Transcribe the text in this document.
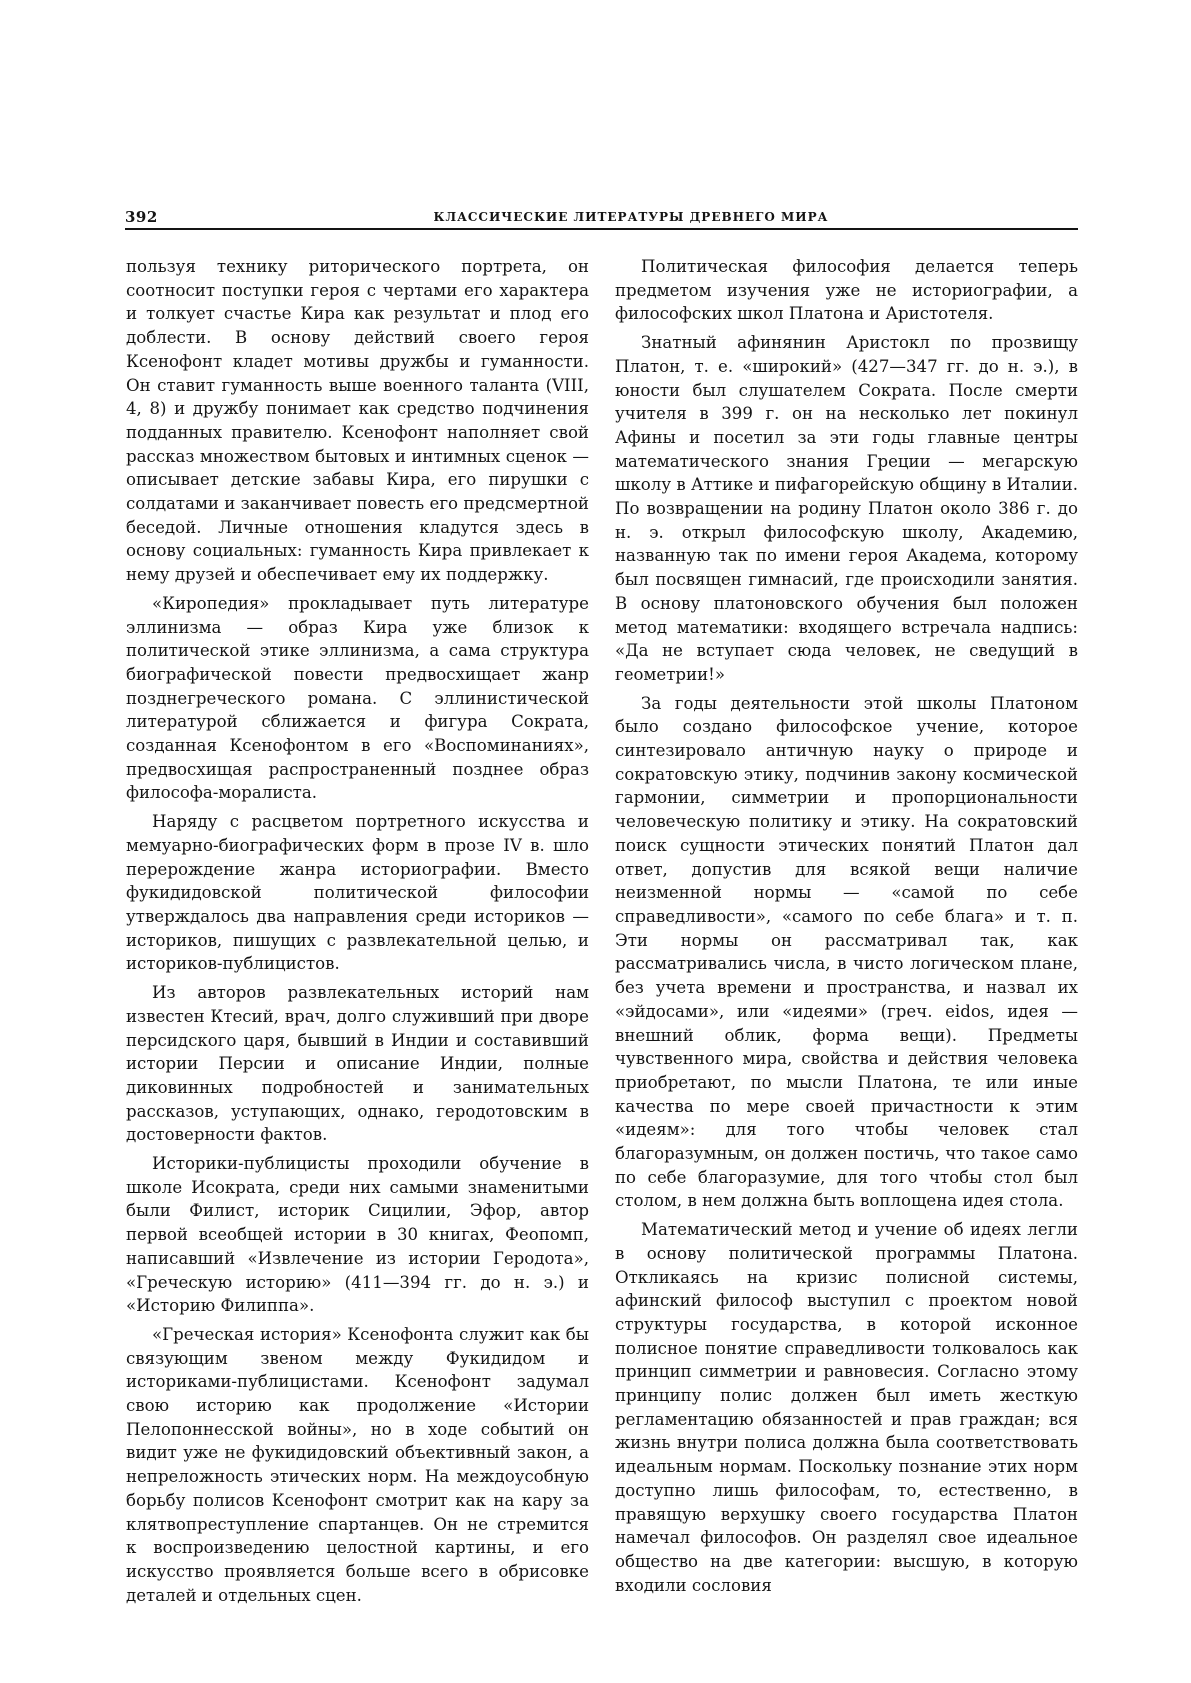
392	КЛАССИЧЕСКИЕ ЛИТЕРАТУРЫ ДРЕВНЕГО МИРА

пользуя технику риторического портрета, он соотносит поступки героя с чертами его характера и толкует счастье Кира как результат и плод его доблести. В основу действий своего героя Ксенофонт кладет мотивы дружбы и гуманности. Он ставит гуманность выше военного таланта (VIII, 4, 8) и дружбу понимает как средство подчинения подданных правителю. Ксенофонт наполняет свой рассказ множеством бытовых и интимных сценок — описывает детские забавы Кира, его пирушки с солдатами и заканчивает повесть его предсмертной беседой. Личные отношения кладутся здесь в основу социальных: гуманность Кира привлекает к нему друзей и обеспечивает ему их поддержку.

«Киропедия» прокладывает путь литературе эллинизма — образ Кира уже близок к политической этике эллинизма, а сама структура биографической повести предвосхищает жанр позднегреческого романа. С эллинистической литературой сближается и фигура Сократа, созданная Ксенофонтом в его «Воспоминаниях», предвосхищая распространенный позднее образ философа-моралиста.

Наряду с расцветом портретного искусства и мемуарно-биографических форм в прозе IV в. шло перерождение жанра историографии. Вместо фукидидовской политической философии утверждалось два направления среди историков — историков, пишущих с развлекательной целью, и историков-публицистов.

Из авторов развлекательных историй нам известен Ктесий, врач, долго служивший при дворе персидского царя, бывший в Индии и составивший истории Персии и описание Индии, полные диковинных подробностей и занимательных рассказов, уступающих, однако, геродотовским в достоверности фактов.

Историки-публицисты проходили обучение в школе Исократа, среди них самыми знаменитыми были Филист, историк Сицилии, Эфор, автор первой всеобщей истории в 30 книгах, Феопомп, написавший «Извлечение из истории Геродота», «Греческую историю» (411—394 гг. до н. э.) и «Историю Филиппа».

«Греческая история» Ксенофонта служит как бы связующим звеном между Фукидидом и историками-публицистами. Ксенофонт задумал свою историю как продолжение «Истории Пелопоннесской войны», но в ходе событий он видит уже не фукидидовский объективный закон, а непреложность этических норм. На междоусобную борьбу полисов Ксенофонт смотрит как на кару за клятвопреступление спартанцев. Он не стремится к воспроизведению целостной картины, и его искусство проявляется больше всего в обрисовке деталей и отдельных сцен.

Политическая философия делается теперь предметом изучения уже не историографии, а философских школ Платона и Аристотеля.

Знатный афинянин Аристокл по прозвищу Платон, т. е. «широкий» (427—347 гг. до н. э.), в юности был слушателем Сократа. После смерти учителя в 399 г. он на несколько лет покинул Афины и посетил за эти годы главные центры математического знания Греции — мегарскую школу в Аттике и пифагорейскую общину в Италии. По возвращении на родину Платон около 386 г. до н. э. открыл философскую школу, Академию, названную так по имени героя Академа, которому был посвящен гимнасий, где происходили занятия. В основу платоновского обучения был положен метод математики: входящего встречала надпись: «Да не вступает сюда человек, не сведущий в геометрии!»

За годы деятельности этой школы Платоном было создано философское учение, которое синтезировало античную науку о природе и сократовскую этику, подчинив закону космической гармонии, симметрии и пропорциональности человеческую политику и этику. На сократовский поиск сущности этических понятий Платон дал ответ, допустив для всякой вещи наличие неизменной нормы — «самой по себе справедливости», «самого по себе блага» и т. п. Эти нормы он рассматривал так, как рассматривались числа, в чисто логическом плане, без учета времени и пространства, и назвал их «эйдосами», или «идеями» (греч. eidos, идея — внешний облик, форма вещи). Предметы чувственного мира, свойства и действия человека приобретают, по мысли Платона, те или иные качества по мере своей причастности к этим «идеям»: для того чтобы человек стал благоразумным, он должен постичь, что такое само по себе благоразумие, для того чтобы стол был столом, в нем должна быть воплощена идея стола.

Математический метод и учение об идеях легли в основу политической программы Платона. Откликаясь на кризис полисной системы, афинский философ выступил с проектом новой структуры государства, в которой исконное полисное понятие справедливости толковалось как принцип симметрии и равновесия. Согласно этому принципу полис должен был иметь жесткую регламентацию обязанностей и прав граждан; вся жизнь внутри полиса должна была соответствовать идеальным нормам. Поскольку познание этих норм доступно лишь философам, то, естественно, в правящую верхушку своего государства Платон намечал философов. Он разделял свое идеальное общество на две категории: высшую, в которую входили сословия
